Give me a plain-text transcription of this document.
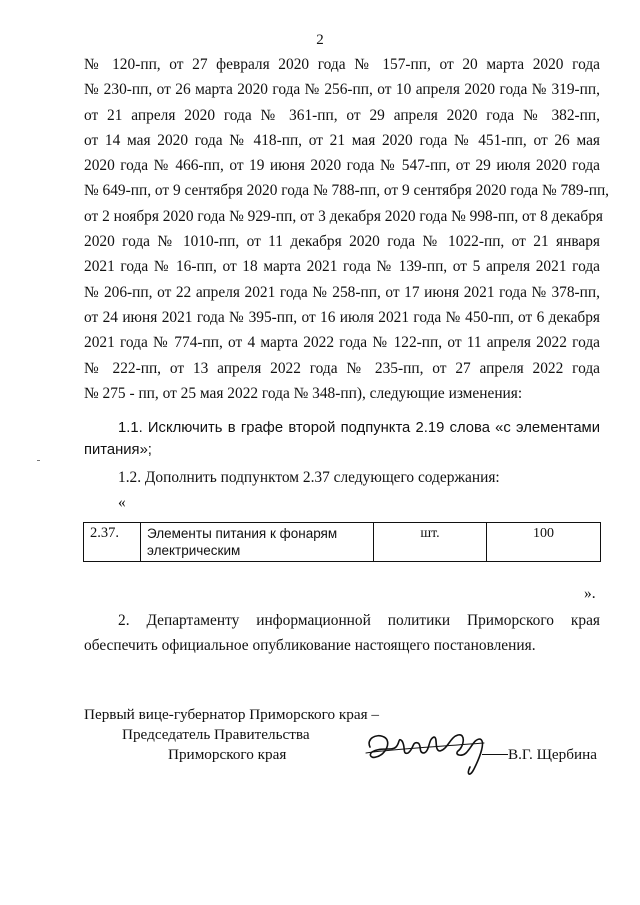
2
№ 120-пп, от 27 февраля 2020 года № 157-пп, от 20 марта 2020 года
№ 230-пп, от 26 марта 2020 года № 256-пп, от 10 апреля 2020 года № 319-пп,
от 21 апреля 2020 года № 361-пп, от 29 апреля 2020 года № 382-пп,
от 14 мая 2020 года № 418-пп, от 21 мая 2020 года № 451-пп, от 26 мая
2020 года № 466-пп, от 19 июня 2020 года № 547-пп, от 29 июля 2020 года
№ 649-пп, от 9 сентября 2020 года № 788-пп, от 9 сентября 2020 года № 789-пп,
от 2 ноября 2020 года № 929-пп, от 3 декабря 2020 года № 998-пп, от 8 декабря
2020 года № 1010-пп, от 11 декабря 2020 года № 1022-пп, от 21 января
2021 года № 16-пп, от 18 марта 2021 года № 139-пп, от 5 апреля 2021 года
№ 206-пп, от 22 апреля 2021 года № 258-пп, от 17 июня 2021 года № 378-пп,
от 24 июня 2021 года № 395-пп, от 16 июля 2021 года № 450-пп, от 6 декабря
2021 года № 774-пп, от 4 марта 2022 года № 122-пп, от 11 апреля 2022 года
№ 222-пп, от 13 апреля 2022 года № 235-пп, от 27 апреля 2022 года
№ 275 - пп, от 25 мая 2022 года № 348-пп), следующие изменения:
1.1. Исключить в графе второй подпункта 2.19 слова «с элементами
питания»;
1.2. Дополнить подпунктом 2.37 следующего содержания:
«
2.37.	Элементы питания к фонарям электрическим	шт.	100
».
2. Департаменту информационной политики Приморского края
обеспечить официальное опубликование настоящего постановления.
Первый вице-губернатор Приморского края –
Председатель Правительства
Приморского края	В.Г. Щербина
